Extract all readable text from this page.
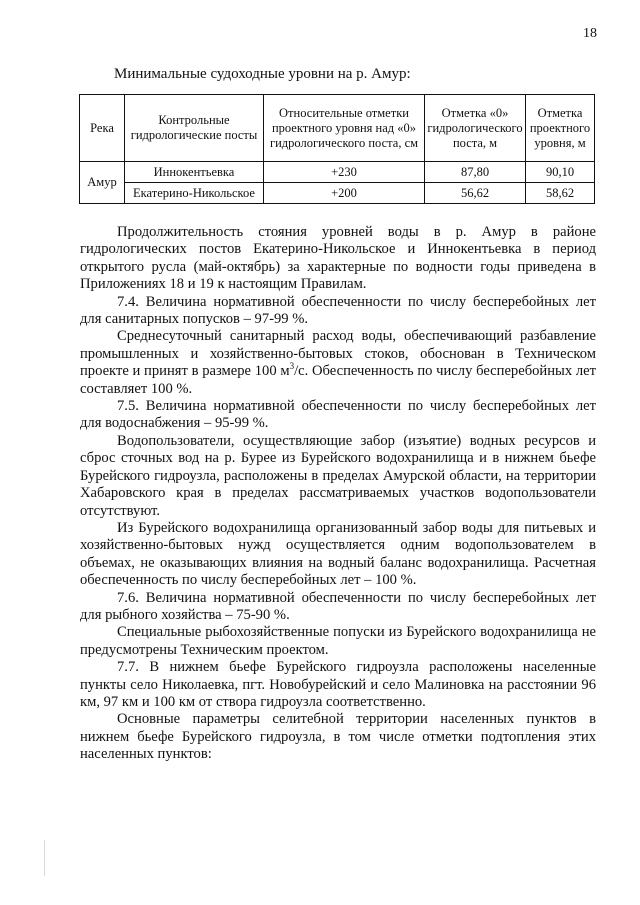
18
Минимальные судоходные уровни на р. Амур:
Река	Контрольные гидрологические посты	Относительные отметки проектного уровня над «0» гидрологического поста, см	Отметка «0» гидрологического поста, м	Отметка проектного уровня, м
Амур	Иннокентьевка	+230	87,80	90,10
	Екатерино-Никольское	+200	56,62	58,62

Продолжительность стояния уровней воды в р. Амур в районе гидрологических постов Екатерино-Никольское и Иннокентьевка в период открытого русла (май-октябрь) за характерные по водности годы приведена в Приложениях 18 и 19 к настоящим Правилам.

7.4. Величина нормативной обеспеченности по числу бесперебойных лет для санитарных попусков – 97-99 %.

Среднесуточный санитарный расход воды, обеспечивающий разбавление промышленных и хозяйственно-бытовых стоков, обоснован в Техническом проекте и принят в размере 100 $м^3/с$. Обеспеченность по числу бесперебойных лет составляет 100 %.

7.5. Величина нормативной обеспеченности по числу бесперебойных лет для водоснабжения – 95-99 %.

Водопользователи, осуществляющие забор (изъятие) водных ресурсов и сброс сточных вод на р. Бурее из Бурейского водохранилища и в нижнем бьефе Бурейского гидроузла, расположены в пределах Амурской области, на территории Хабаровского края в пределах рассматриваемых участков водопользователи отсутствуют.

Из Бурейского водохранилища организованный забор воды для питьевых и хозяйственно-бытовых нужд осуществляется одним водопользователем в объемах, не оказывающих влияния на водный баланс водохранилища. Расчетная обеспеченность по числу бесперебойных лет – 100 %.

7.6. Величина нормативной обеспеченности по числу бесперебойных лет для рыбного хозяйства – 75-90 %.

Специальные рыбохозяйственные попуски из Бурейского водохранилища не предусмотрены Техническим проектом.

7.7. В нижнем бьефе Бурейского гидроузла расположены населенные пункты село Николаевка, пгт. Новобурейский и село Малиновка на расстоянии 96 км, 97 км и 100 км от створа гидроузла соответственно.

Основные параметры селитебной территории населенных пунктов в нижнем бьефе Бурейского гидроузла, в том числе отметки подтопления этих населенных пунктов:
